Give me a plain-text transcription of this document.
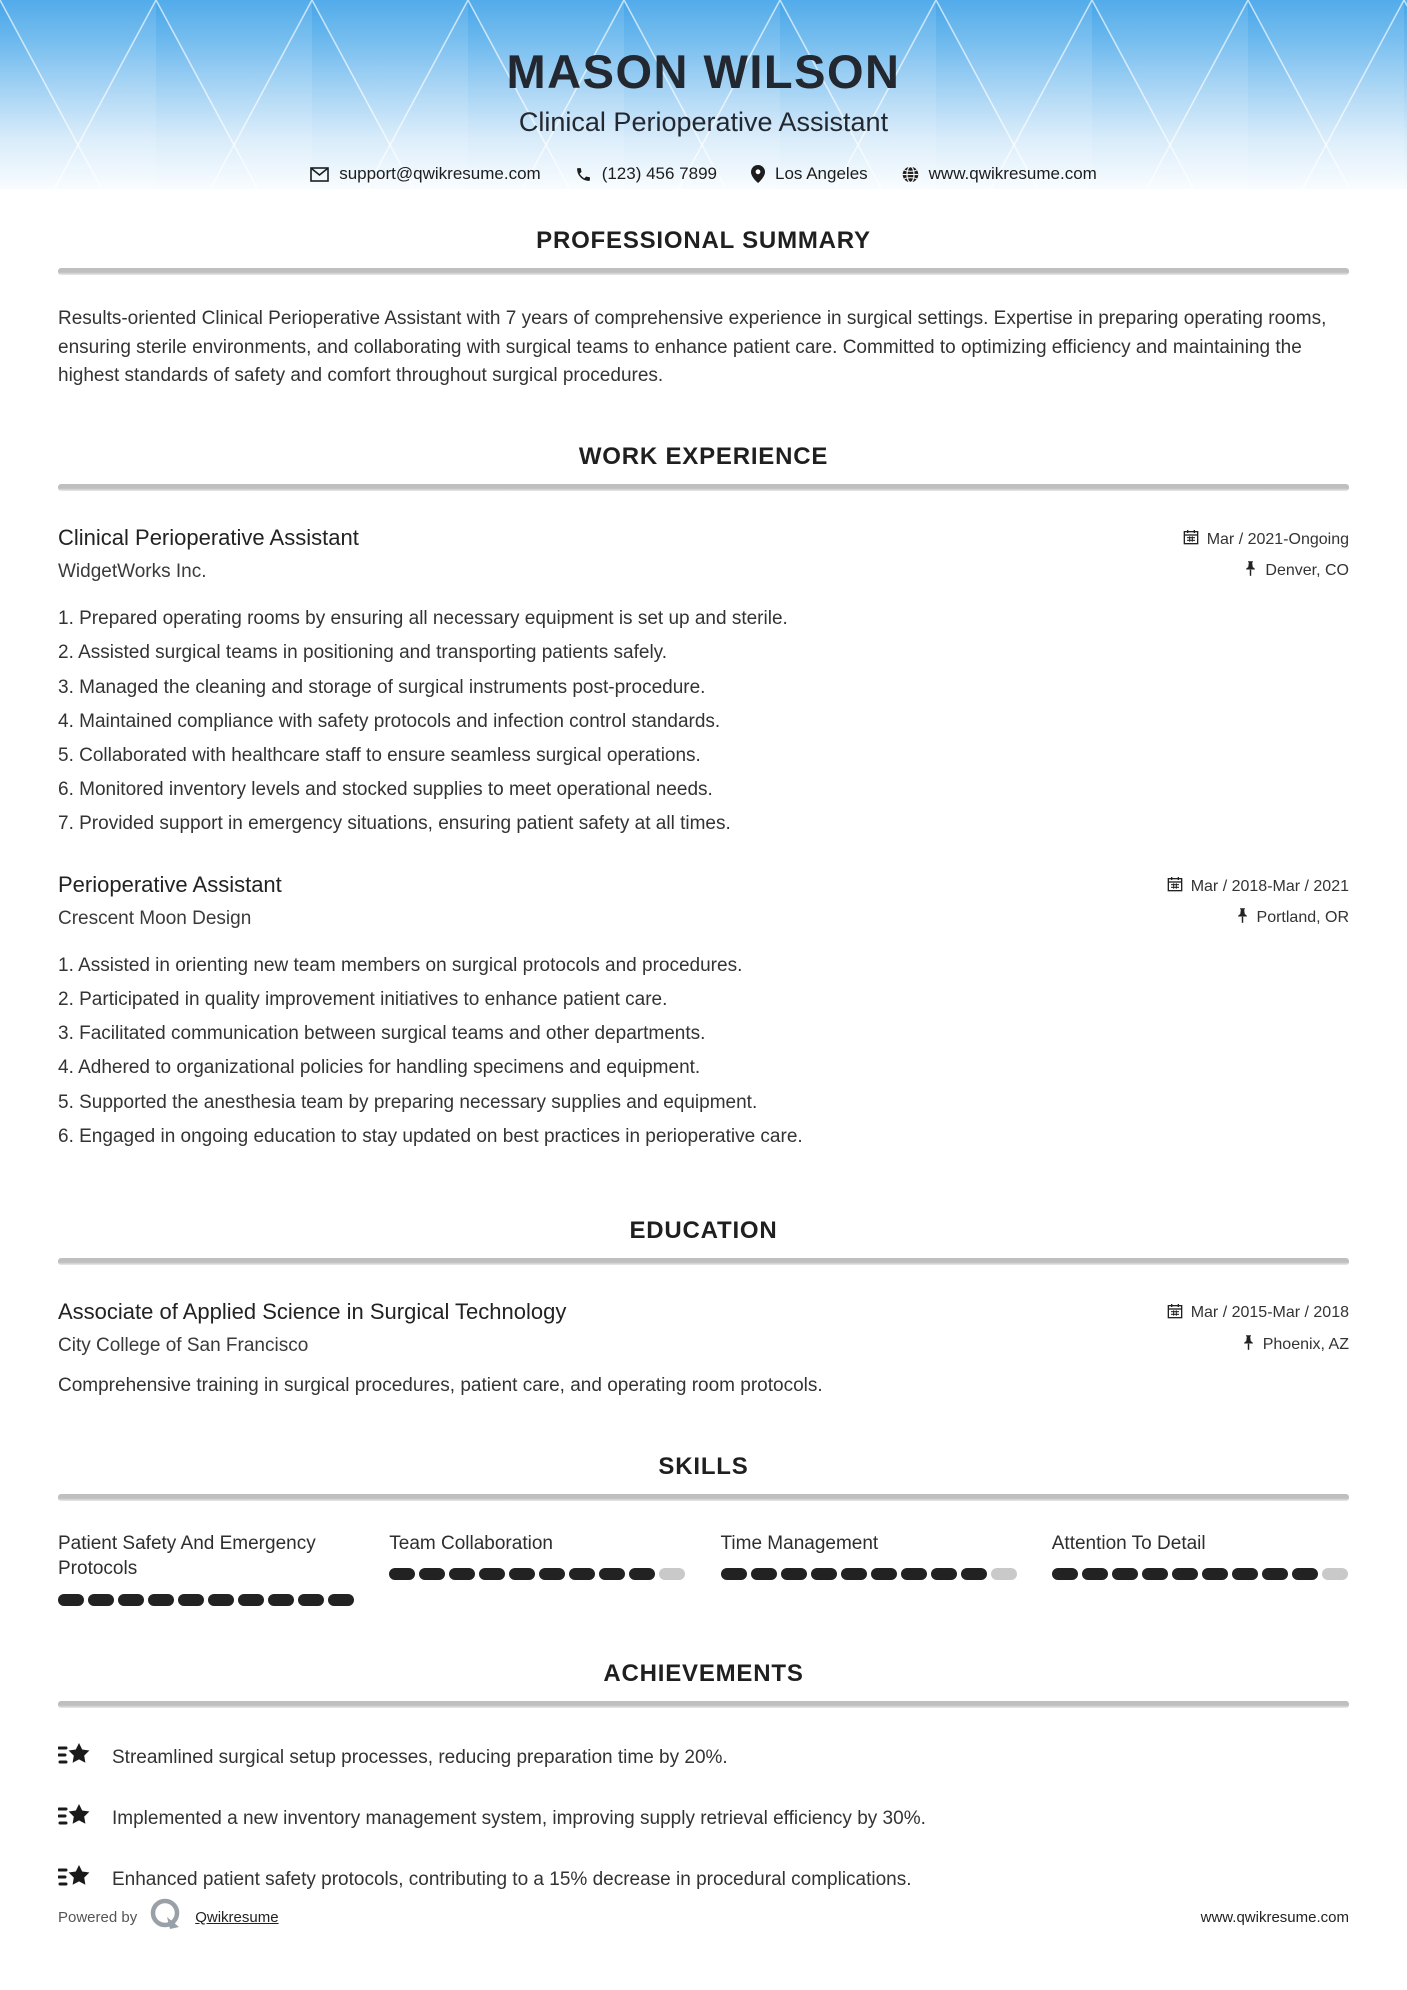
MASON WILSON
Clinical Perioperative Assistant
support@qwikresume.com	(123) 456 7899	Los Angeles	www.qwikresume.com
PROFESSIONAL SUMMARY

Results-oriented Clinical Perioperative Assistant with 7 years of comprehensive experience in surgical settings. Expertise in preparing operating rooms, ensuring sterile environments, and collaborating with surgical teams to enhance patient care. Committed to optimizing efficiency and maintaining the highest standards of safety and comfort throughout surgical procedures.

WORK EXPERIENCE
Clinical Perioperative Assistant	Mar / 2021-Ongoing
WidgetWorks Inc.	Denver, CO
1. Prepared operating rooms by ensuring all necessary equipment is set up and sterile.
2. Assisted surgical teams in positioning and transporting patients safely.
3. Managed the cleaning and storage of surgical instruments post-procedure.
4. Maintained compliance with safety protocols and infection control standards.
5. Collaborated with healthcare staff to ensure seamless surgical operations.
6. Monitored inventory levels and stocked supplies to meet operational needs.
7. Provided support in emergency situations, ensuring patient safety at all times.
Perioperative Assistant	Mar / 2018-Mar / 2021
Crescent Moon Design	Portland, OR
1. Assisted in orienting new team members on surgical protocols and procedures.
2. Participated in quality improvement initiatives to enhance patient care.
3. Facilitated communication between surgical teams and other departments.
4. Adhered to organizational policies for handling specimens and equipment.
5. Supported the anesthesia team by preparing necessary supplies and equipment.
6. Engaged in ongoing education to stay updated on best practices in perioperative care.
EDUCATION
Associate of Applied Science in Surgical Technology	Mar / 2015-Mar / 2018
City College of San Francisco	Phoenix, AZ
Comprehensive training in surgical procedures, patient care, and operating room protocols.
SKILLS
Patient Safety And Emergency Protocols
Team Collaboration	Time Management	Attention To Detail
ACHIEVEMENTS
Streamlined surgical setup processes, reducing preparation time by 20%.
Implemented a new inventory management system, improving supply retrieval efficiency by 30%.
Enhanced patient safety protocols, contributing to a 15% decrease in procedural complications.
Powered by	Qwikresume	www.qwikresume.com
